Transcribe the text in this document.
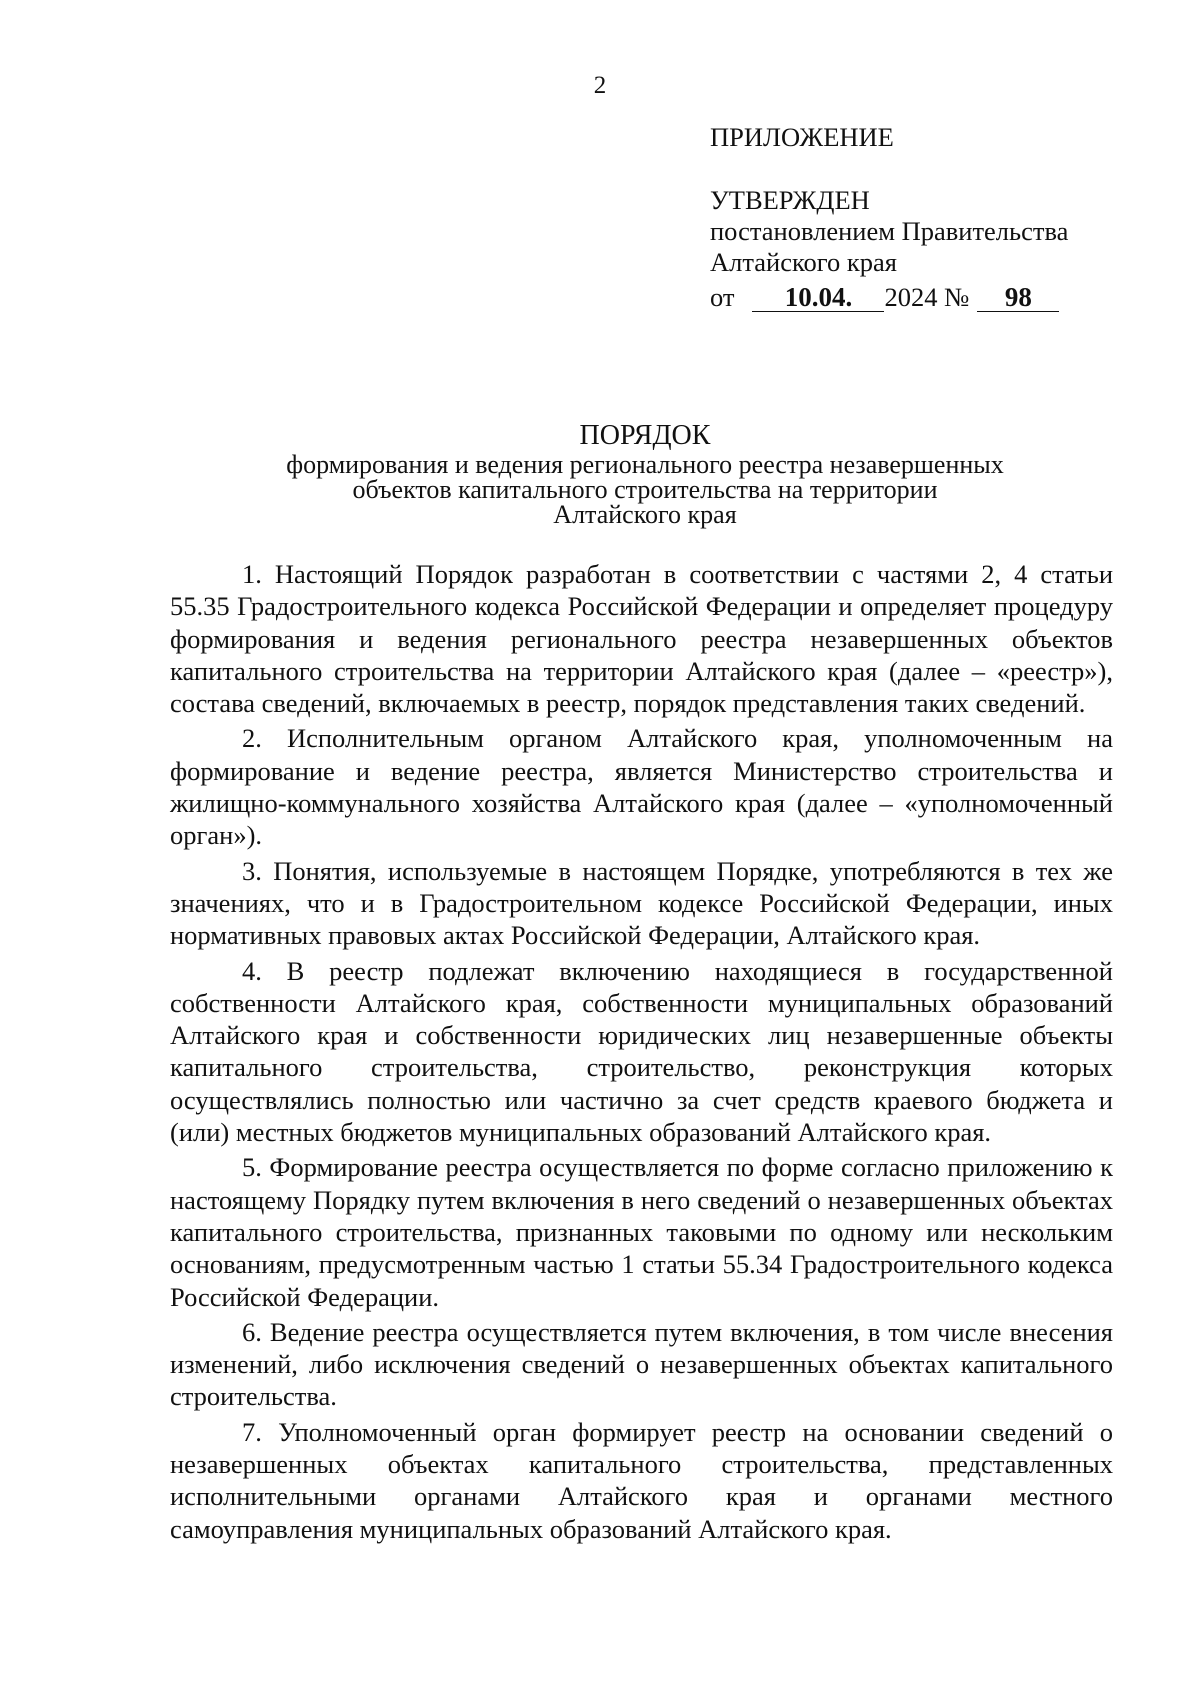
2
ПРИЛОЖЕНИЕ
УТВЕРЖДЕН
постановлением Правительства
Алтайского края
от	10.04.	2024 №	98
ПОРЯДОК
формирования и ведения регионального реестра незавершенных
объектов капитального строительства на территории
Алтайского края

1. Настоящий Порядок разработан в соответствии с частями 2, 4 статьи 55.35 Градостроительного кодекса Российской Федерации и определяет процедуру формирования и ведения регионального реестра незавершенных объектов капитального строительства на территории Алтайского края (далее – «реестр»), состава сведений, включаемых в реестр, порядок представления таких сведений.

2. Исполнительным органом Алтайского края, уполномоченным на формирование и ведение реестра, является Министерство строительства и жилищно-коммунального хозяйства Алтайского края (далее – «уполномоченный орган»).

3. Понятия, используемые в настоящем Порядке, употребляются в тех же значениях, что и в Градостроительном кодексе Российской Федерации, иных нормативных правовых актах Российской Федерации, Алтайского края.

4. В реестр подлежат включению находящиеся в государственной собственности Алтайского края, собственности муниципальных образований Алтайского края и собственности юридических лиц незавершенные объекты капитального строительства, строительство, реконструкция которых осуществлялись полностью или частично за счет средств краевого бюджета и (или) местных бюджетов муниципальных образований Алтайского края.

5. Формирование реестра осуществляется по форме согласно приложению к настоящему Порядку путем включения в него сведений о незавершенных объектах капитального строительства, признанных таковыми по одному или нескольким основаниям, предусмотренным частью 1 статьи 55.34 Градостроительного кодекса Российской Федерации.

6. Ведение реестра осуществляется путем включения, в том числе внесения изменений, либо исключения сведений о незавершенных объектах капитального строительства.

7. Уполномоченный орган формирует реестр на основании сведений о незавершенных объектах капитального строительства, представленных исполнительными органами Алтайского края и органами местного самоуправления муниципальных образований Алтайского края.
